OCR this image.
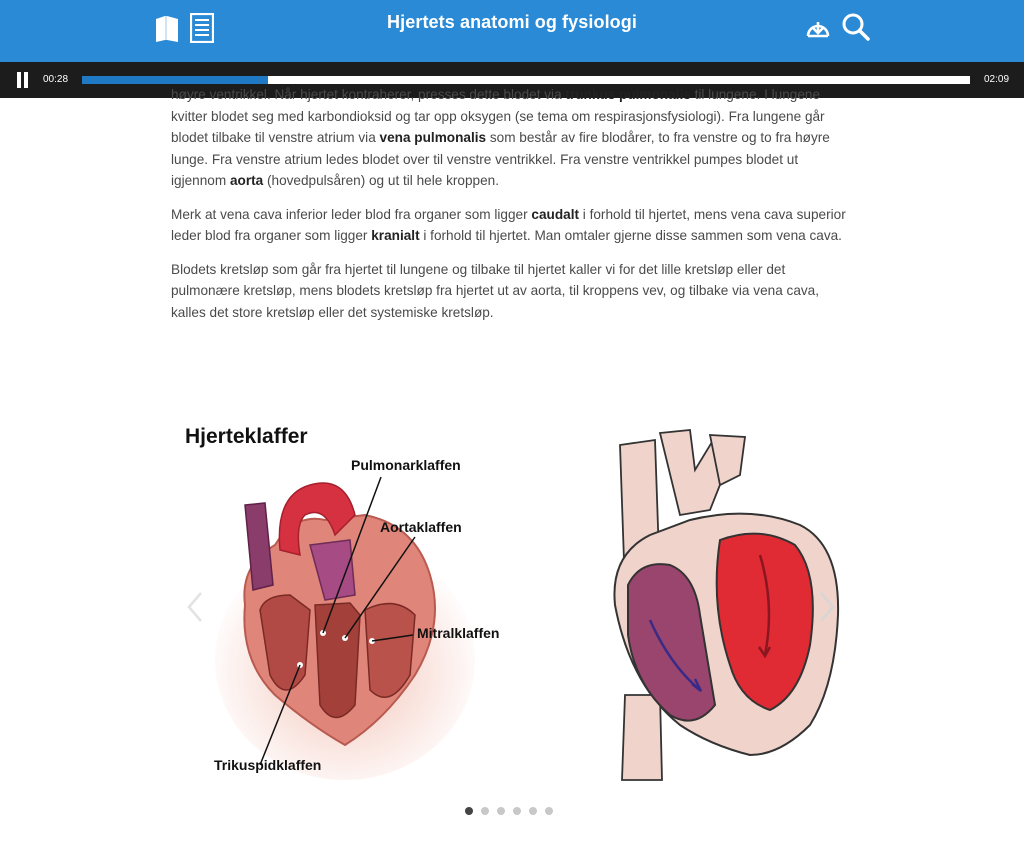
Hjertets anatomi og fysiologi
00:28	02:09

høyre ventrikkel. Når hjertet kontraherer, presses dette blodet via trunkus pulmonalis til lungene. I lungene kvitter blodet seg med karbondioksid og tar opp oksygen (se tema om respirasjonsfysiologi). Fra lungene går blodet tilbake til venstre atrium via vena pulmonalis som består av fire blodårer, to fra venstre og to fra høyre lunge. Fra venstre atrium ledes blodet over til venstre ventrikkel. Fra venstre ventrikkel pumpes blodet ut igjennom aorta (hovedpulsåren) og ut til hele kroppen.

Merk at vena cava inferior leder blod fra organer som ligger caudalt i forhold til hjertet, mens vena cava superior leder blod fra organer som ligger kranialt i forhold til hjertet. Man omtaler gjerne disse sammen som vena cava.

Blodets kretsløp som går fra hjertet til lungene og tilbake til hjertet kaller vi for det lille kretsløp eller det pulmonære kretsløp, mens blodets kretsløp fra hjertet ut av aorta, til kroppens vev, og tilbake via vena cava, kalles det store kretsløp eller det systemiske kretsløp.

Hjerteklaffer
Pulmonarklaffen
Aortaklaffen
Mitralklaffen
Trikuspidklaffen
